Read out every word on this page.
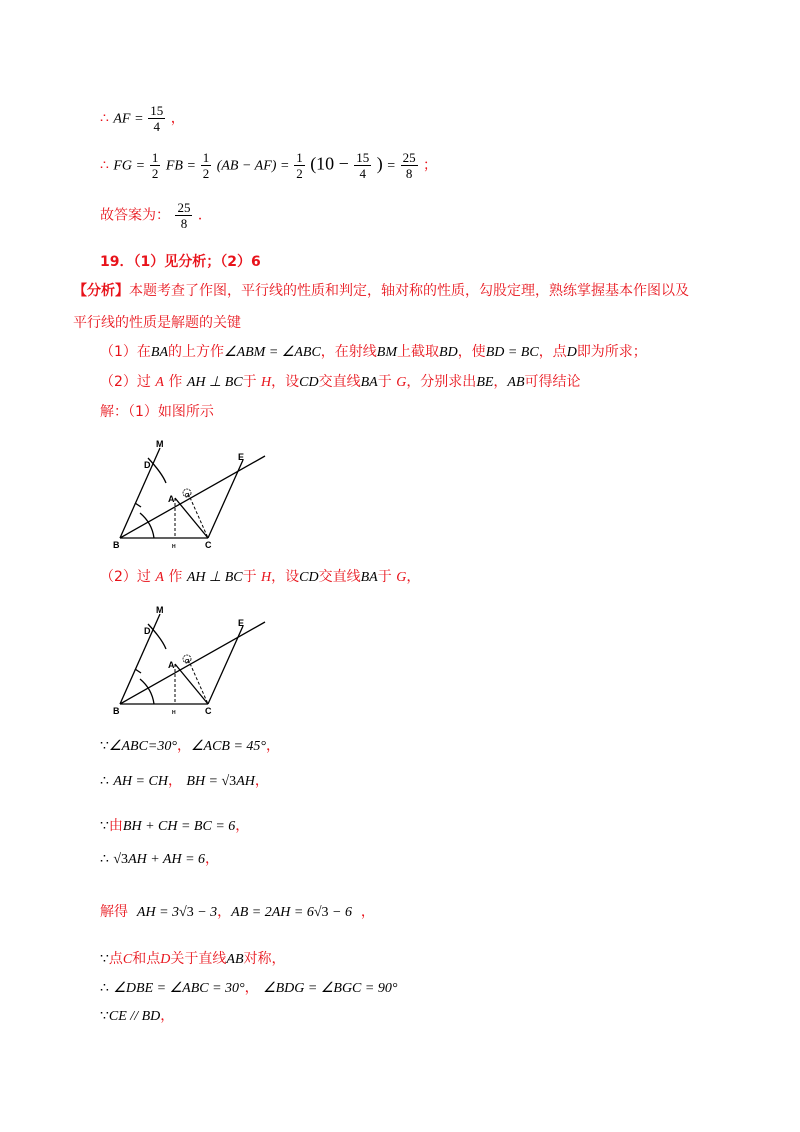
∴ AF = $\frac{15}{4}$ ，
∴ FG = $\frac{1}{2}$ FB = $\frac{1}{2} (AB - AF) = \frac{1}{2} (10 - \frac{15}{4}$ ) = $\frac{25}{8}$ ；
故答案为： $\frac{25}{8}$ ．
19．（1）见分析；（2）6
【分析】本题考查了作图，平行线的性质和判定，轴对称的性质，勾股定理，熟练掌握基本作图以及
平行线的性质是解题的关键
（1）在BA的上方作∠ABM = ∠ABC，在射线BM上截取BD，使BD = BC，点D即为所求；
（2）过 A 作 AH ⊥ BC于 H，设CD交直线BA于 G，分别求出BE，AB可得结论
解：（1）如图所示
M
D
E
A
B	C
H
G
（2）过 A 作 AH ⊥ BC于 H，设CD交直线BA于 G，
M
D
E
A
B	C
H
G
∵∠ABC=30°，∠ACB = 45°，
∴ AH = CH， BH = √3AH，
∵由BH + CH = BC = 6，
∴ √3AH + AH = 6，
解得 AH = 3√3 − 3，AB = 2AH = 6√3 − 6 ，
∵点C和点D关于直线AB对称，
∴ ∠DBE = ∠ABC = 30°， ∠BDG = ∠BGC = 90°
∵CE // BD，
